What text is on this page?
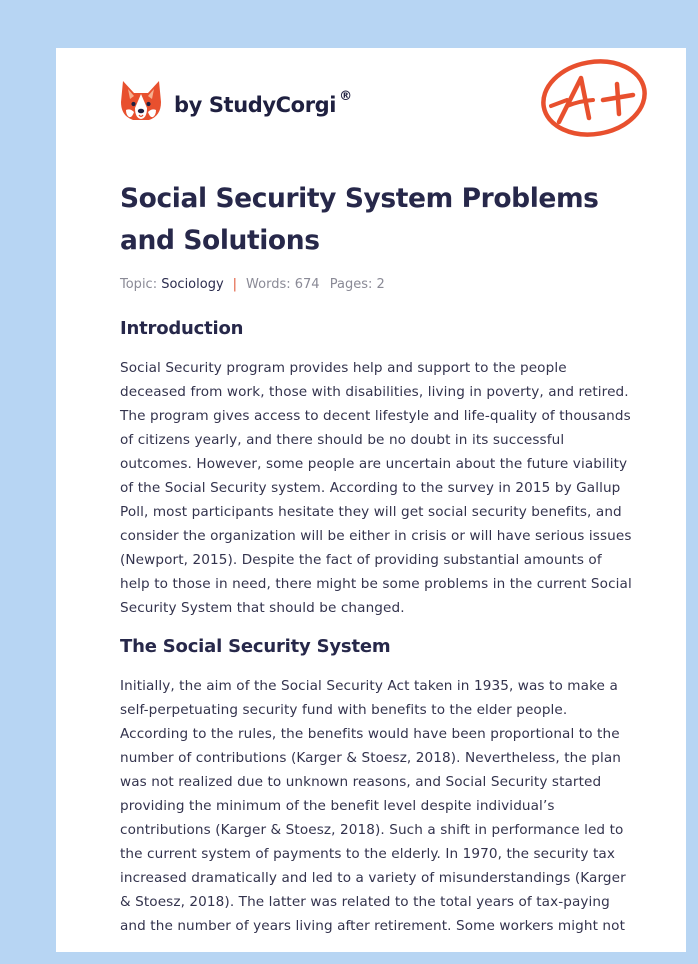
by StudyCorgi ®
Social Security System Problems and Solutions
Topic: Sociology | Words: 674 Pages: 2
Introduction

Social Security program provides help and support to the people deceased from work, those with disabilities, living in poverty, and retired. The program gives access to decent lifestyle and life-quality of thousands of citizens yearly, and there should be no doubt in its successful outcomes. However, some people are uncertain about the future viability of the Social Security system. According to the survey in 2015 by Gallup Poll, most participants hesitate they will get social security benefits, and consider the organization will be either in crisis or will have serious issues (Newport, 2015). Despite the fact of providing substantial amounts of help to those in need, there might be some problems in the current Social Security System that should be changed.

The Social Security System

Initially, the aim of the Social Security Act taken in 1935, was to make a self-perpetuating security fund with benefits to the elder people. According to the rules, the benefits would have been proportional to the number of contributions (Karger & Stoesz, 2018). Nevertheless, the plan was not realized due to unknown reasons, and Social Security started providing the minimum of the benefit level despite individual’s contributions (Karger & Stoesz, 2018). Such a shift in performance led to the current system of payments to the elderly. In 1970, the security tax increased dramatically and led to a variety of misunderstandings (Karger & Stoesz, 2018). The latter was related to the total years of tax-paying and the number of years living after retirement. Some workers might not
